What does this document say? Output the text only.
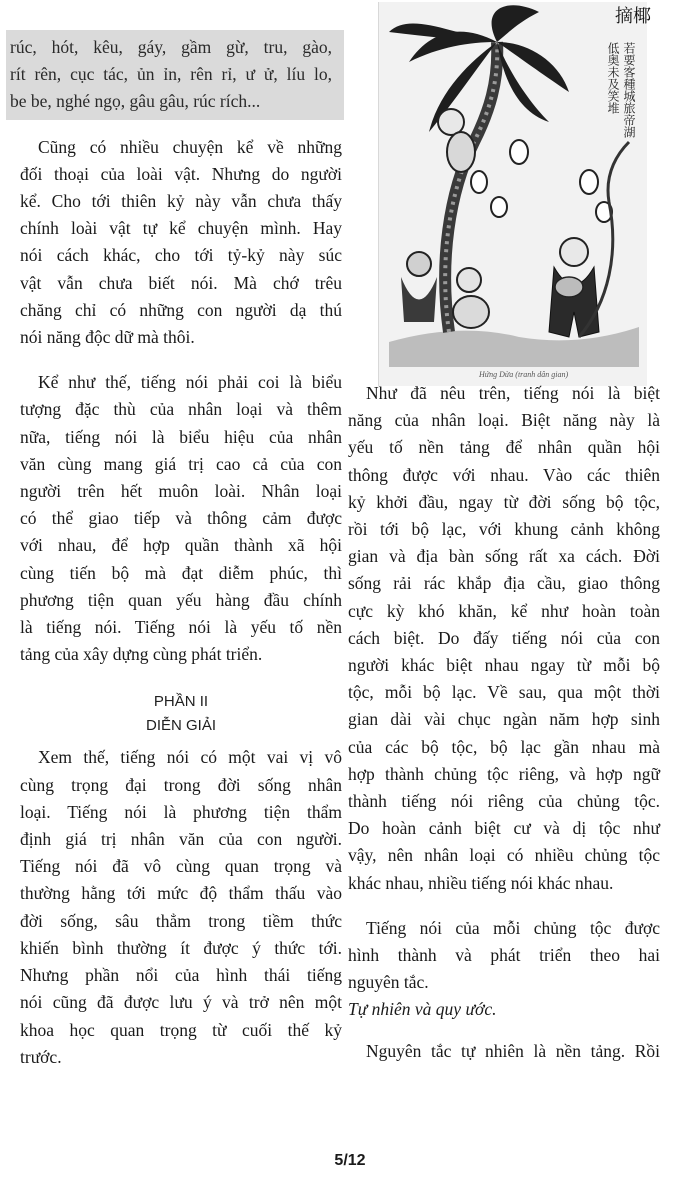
摘椰
若要客種城旅帝湖
低奥未及笑堆
Hứng Dừa (tranh dân gian)

rúc, hót, kêu, gáy, gầm gừ, tru, gào,
rít rên, cục tác, ủn ỉn, rên rỉ, ư ử, líu lo,
be be, nghé ngọ, gâu gâu, rúc rích...

Cũng có nhiều chuyện kể về những
đối thoại của loài vật. Nhưng do người
kể. Cho tới thiên kỷ này vẫn chưa thấy
chính loài vật tự kể chuyện mình. Hay
nói cách khác, cho tới tỷ-kỷ này súc
vật vẫn chưa biết nói. Mà chớ trêu
chăng chỉ có những con người dạ thú
nói năng độc dữ mà thôi.

Kể như thế, tiếng nói phải coi là biểu
tượng đặc thù của nhân loại và thêm
nữa, tiếng nói là biểu hiệu của nhân
văn cùng mang giá trị cao cả của con
người trên hết muôn loài. Nhân loại
có thể giao tiếp và thông cảm được
với nhau, để hợp quần thành xã hội
cùng tiến bộ mà đạt diễm phúc, thì
phương tiện quan yếu hàng đầu chính
là tiếng nói. Tiếng nói là yếu tố nền
tảng của xây dựng cùng phát triển.

PHẦN II

DIỄN GIẢI

Xem thế, tiếng nói có một vai vị vô
cùng trọng đại trong đời sống nhân
loại. Tiếng nói là phương tiện thẩm
định giá trị nhân văn của con người.
Tiếng nói đã vô cùng quan trọng và
thường hằng tới mức độ thẩm thấu vào
đời sống, sâu thẳm trong tiềm thức
khiến bình thường ít được ý thức tới.
Nhưng phần nổi của hình thái tiếng
nói cũng đã được lưu ý và trở nên một
khoa học quan trọng từ cuối thế kỷ
trước.

Như đã nêu trên, tiếng nói là biệt
năng của nhân loại. Biệt năng này là
yếu tố nền tảng để nhân quần hội
thông được với nhau. Vào các thiên
kỷ khởi đầu, ngay từ đời sống bộ tộc,
rồi tới bộ lạc, với khung cảnh không
gian và địa bàn sống rất xa cách. Đời
sống rải rác khắp địa cầu, giao thông
cực kỳ khó khăn, kể như hoàn toàn
cách biệt. Do đấy tiếng nói của con
người khác biệt nhau ngay từ mỗi bộ
tộc, mỗi bộ lạc. Về sau, qua một thời
gian dài vài chục ngàn năm hợp sinh
của các bộ tộc, bộ lạc gần nhau mà
hợp thành chủng tộc riêng, và hợp ngữ
thành tiếng nói riêng của chủng tộc.
Do hoàn cảnh biệt cư và dị tộc như
vậy, nên nhân loại có nhiều chủng tộc
khác nhau, nhiều tiếng nói khác nhau.

Tiếng nói của mỗi chủng tộc được
hình thành và phát triển theo hai
nguyên tắc.
Tự nhiên và quy ước.

Nguyên tắc tự nhiên là nền tảng. Rồi

5/12
